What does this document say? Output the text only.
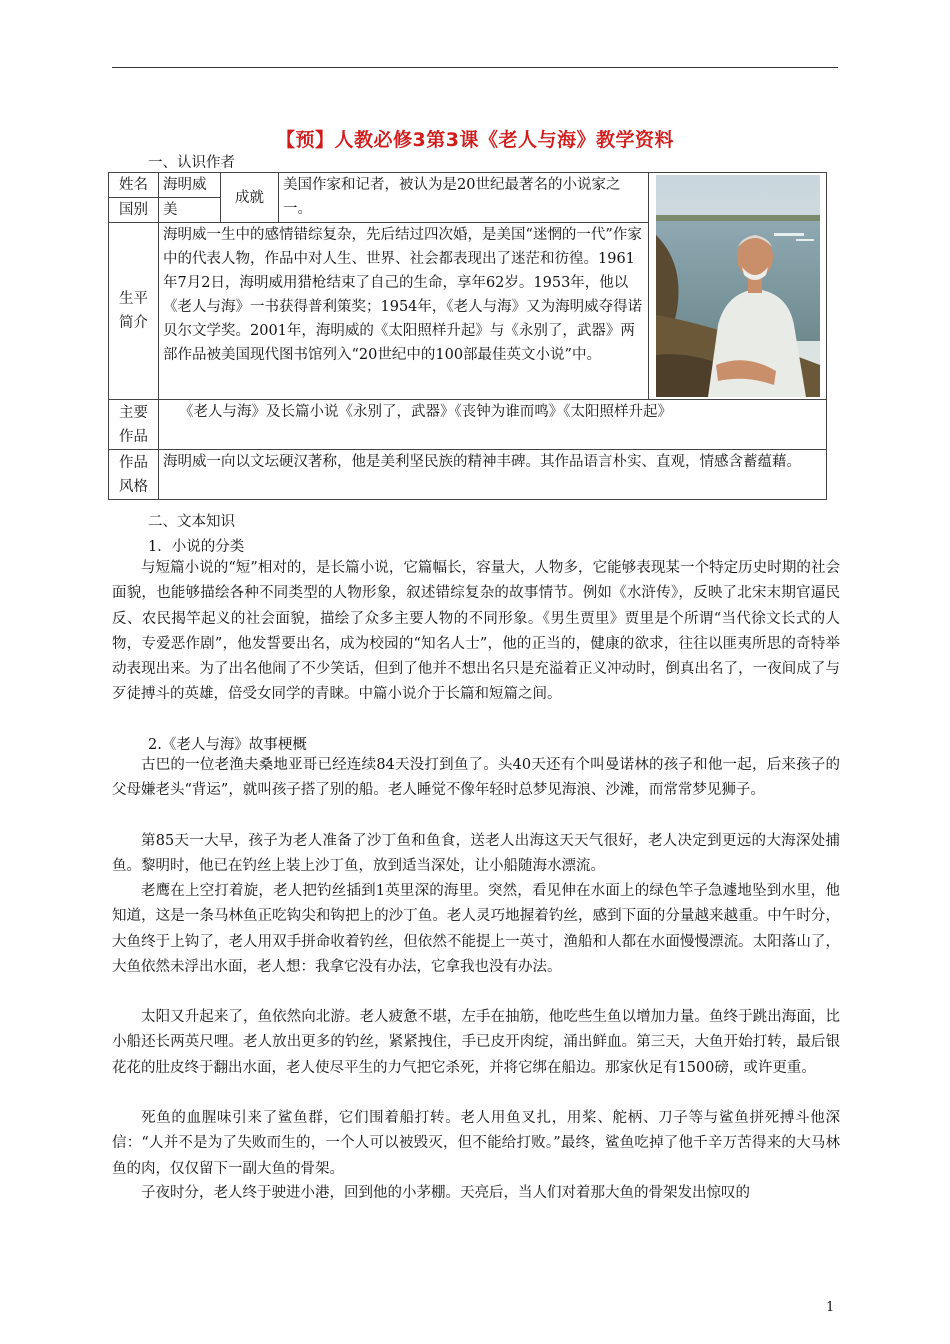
【预】人教必修3第3课《老人与海》教学资料
一、认识作者
姓名	海明威	成就	美国作家和记者，被认为是20世纪最著名的小说家之一。	

国别	美			
生平简介	海明威一生中的感情错综复杂，先后结过四次婚，是美国“迷惘的一代”作家中的代表人物，作品中对人生、世界、社会都表现出了迷茫和彷徨。1961年7月2日，海明威用猎枪结束了自己的生命，享年62岁。1953年，他以《老人与海》一书获得普利策奖；1954年，《老人与海》又为海明威夺得诺贝尔文学奖。2001年，海明威的《太阳照样升起》与《永别了，武器》两部作品被美国现代图书馆列入“20世纪中的100部最佳英文小说”中。			
主要作品	《老人与海》及长篇小说《永别了，武器》《丧钟为谁而鸣》《太阳照样升起》			
作品风格	海明威一向以文坛硬汉著称，他是美利坚民族的精神丰碑。其作品语言朴实、直观，情感含蓄蕴藉。			
二、文本知识
1．小说的分类
与短篇小说的“短”相对的，是长篇小说，它篇幅长，容量大，人物多，它能够表现某一个特定历史时期的社会面貌，也能够描绘各种不同类型的人物形象，叙述错综复杂的故事情节。例如《水浒传》，反映了北宋末期官逼民反、农民揭竿起义的社会面貌，描绘了众多主要人物的不同形象。《男生贾里》贾里是个所谓“当代徐文长式的人物，专爱恶作剧”，他发誓要出名，成为校园的“知名人士”，他的正当的，健康的欲求，往往以匪夷所思的奇特举动表现出来。为了出名他闹了不少笑话，但到了他并不想出名只是充溢着正义冲动时，倒真出名了，一夜间成了与歹徒搏斗的英雄，倍受女同学的青睐。中篇小说介于长篇和短篇之间。
2.《老人与海》故事梗概
古巴的一位老渔夫桑地亚哥已经连续84天没打到鱼了。头40天还有个叫曼诺林的孩子和他一起，后来孩子的父母嫌老头“背运”，就叫孩子搭了别的船。老人睡觉不像年轻时总梦见海浪、沙滩，而常常梦见狮子。
第85天一大早，孩子为老人准备了沙丁鱼和鱼食，送老人出海这天天气很好，老人决定到更远的大海深处捕鱼。黎明时，他已在钓丝上装上沙丁鱼，放到适当深处，让小船随海水漂流。
老鹰在上空打着旋，老人把钓丝插到1英里深的海里。突然，看见伸在水面上的绿色竿子急遽地坠到水里，他知道，这是一条马林鱼正吃钩尖和钩把上的沙丁鱼。老人灵巧地握着钓丝，感到下面的分量越来越重。中午时分，大鱼终于上钩了，老人用双手拼命收着钓丝，但依然不能提上一英寸，渔船和人都在水面慢慢漂流。太阳落山了，大鱼依然未浮出水面，老人想：我拿它没有办法，它拿我也没有办法。
太阳又升起来了，鱼依然向北游。老人疲惫不堪，左手在抽筋，他吃些生鱼以增加力量。鱼终于跳出海面，比小船还长两英尺哩。老人放出更多的钓丝，紧紧拽住，手已皮开肉绽，涌出鲜血。第三天，大鱼开始打转，最后银花花的肚皮终于翻出水面，老人使尽平生的力气把它杀死，并将它绑在船边。那家伙足有1500磅，或许更重。
死鱼的血腥味引来了鲨鱼群，它们围着船打转。老人用鱼叉扎，用桨、舵柄、刀子等与鲨鱼拼死搏斗他深信：“人并不是为了失败而生的，一个人可以被毁灭，但不能给打败。”最终，鲨鱼吃掉了他千辛万苦得来的大马林鱼的肉，仅仅留下一副大鱼的骨架。
子夜时分，老人终于驶进小港，回到他的小茅棚。天亮后，当人们对着那大鱼的骨架发出惊叹的
1
